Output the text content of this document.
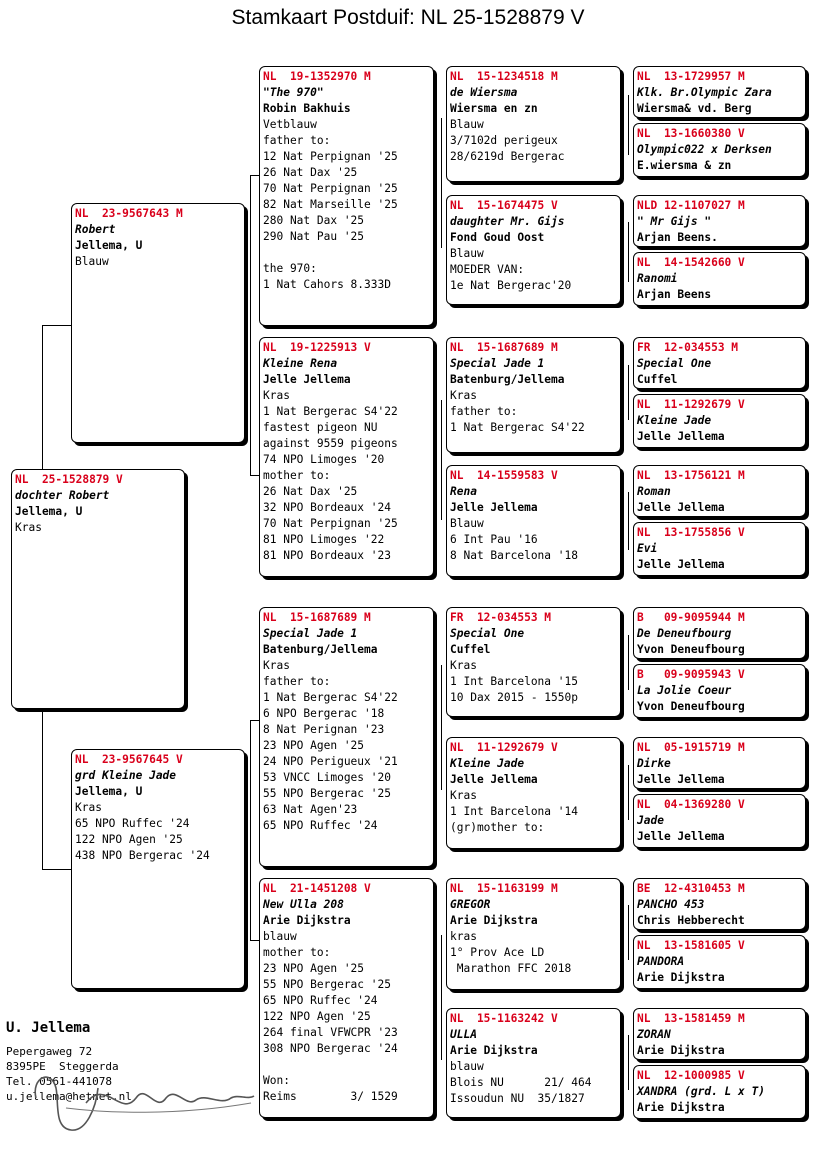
Stamkaart Postduif: NL 25-1528879 V
NL  25-1528879 V
dochter Robert
Jellema, U
Kras
NL  23-9567643 M
Robert
Jellema, U
Blauw
NL  23-9567645 V
grd Kleine Jade
Jellema, U
Kras
65 NPO Ruffec '24
122 NPO Agen '25
438 NPO Bergerac '24
NL  19-1352970 M
"The 970"
Robin Bakhuis
Vetblauw
father to:
12 Nat Perpignan '25
26 Nat Dax '25
70 Nat Perpignan '25
82 Nat Marseille '25
280 Nat Dax '25
290 Nat Pau '25

the 970:
1 Nat Cahors 8.333D
NL  19-1225913 V
Kleine Rena
Jelle Jellema
Kras
1 Nat Bergerac S4'22
fastest pigeon NU
against 9559 pigeons
74 NPO Limoges '20
mother to:
26 Nat Dax '25
32 NPO Bordeaux '24
70 Nat Perpignan '25
81 NPO Limoges '22
81 NPO Bordeaux '23
NL  15-1687689 M
Special Jade 1
Batenburg/Jellema
Kras
father to:
1 Nat Bergerac S4'22
6 NPO Bergerac '18
8 Nat Perignan '23
23 NPO Agen '25
24 NPO Perigueux '21
53 VNCC Limoges '20
55 NPO Bergerac '25
63 Nat Agen'23
65 NPO Ruffec '24
NL  21-1451208 V
New Ulla 208
Arie Dijkstra
blauw
mother to:
23 NPO Agen '25
55 NPO Bergerac '25
65 NPO Ruffec '24
122 NPO Agen '25
264 final VFWCPR '23
308 NPO Bergerac '24

Won:
Reims        3/ 1529
NL  15-1234518 M
de Wiersma
Wiersma en zn
Blauw
3/7102d perigeux
28/6219d Bergerac
NL  15-1674475 V
daughter Mr. Gijs
Fond Goud Oost
Blauw
MOEDER VAN:
1e Nat Bergerac'20
NL  15-1687689 M
Special Jade 1
Batenburg/Jellema
Kras
father to:
1 Nat Bergerac S4'22
NL  14-1559583 V
Rena
Jelle Jellema
Blauw
6 Int Pau '16
8 Nat Barcelona '18
FR  12-034553 M
Special One
Cuffel
Kras
1 Int Barcelona '15
10 Dax 2015 - 1550p
NL  11-1292679 V
Kleine Jade
Jelle Jellema
Kras
1 Int Barcelona '14
(gr)mother to:
NL  15-1163199 M
GREGOR
Arie Dijkstra
kras
1° Prov Ace LD
Marathon FFC 2018
NL  15-1163242 V
ULLA
Arie Dijkstra
blauw
Blois NU      21/ 464
Issoudun NU  35/1827
NL  13-1729957 M
Klk. Br.Olympic Zara
Wiersma& vd. Berg
NL  13-1660380 V
Olympic022 x Derksen
E.wiersma & zn
NLD 12-1107027 M
" Mr Gijs "
Arjan Beens.
NL  14-1542660 V
Ranomi
Arjan Beens
FR  12-034553 M
Special One
Cuffel
NL  11-1292679 V
Kleine Jade
Jelle Jellema
NL  13-1756121 M
Roman
Jelle Jellema
NL  13-1755856 V
Evi
Jelle Jellema
B   09-9095944 M
De Deneufbourg
Yvon Deneufbourg
B   09-9095943 V
La Jolie Coeur
Yvon Deneufbourg
NL  05-1915719 M
Dirke
Jelle Jellema
NL  04-1369280 V
Jade
Jelle Jellema
BE  12-4310453 M
PANCHO 453
Chris Hebberecht
NL  13-1581605 V
PANDORA
Arie Dijkstra
NL  13-1581459 M
ZORAN
Arie Dijkstra
NL  12-1000985 V
XANDRA (grd. L x T)
Arie Dijkstra
U. Jellema
Pepergaweg 72
8395PE  Steggerda
Tel. 0561-441078
u.jellema@hetnet.nl
